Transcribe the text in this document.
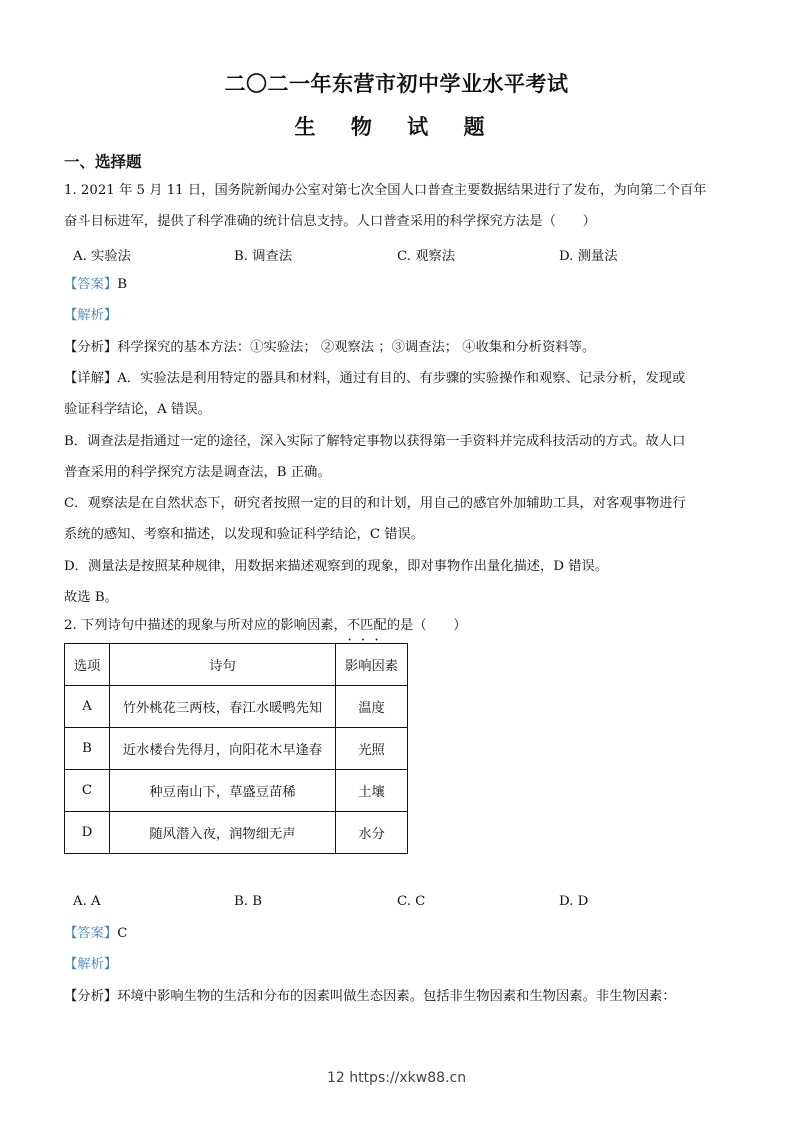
二〇二一年东营市初中学业水平考试
生 物 试 题
一、选择题
1. 2021 年 5 月 11 日，国务院新闻办公室对第七次全国人口普查主要数据结果进行了发布，为向第二个百年
奋斗目标进军，提供了科学准确的统计信息支持。人口普查采用的科学探究方法是（　　）
A. 实验法	B. 调查法	C. 观察法	D. 测量法
【答案】B
【解析】
【分析】科学探究的基本方法：①实验法； ②观察法 ；③调查法； ④收集和分析资料等。
【详解】A．实验法是利用特定的器具和材料，通过有目的、有步骤的实验操作和观察、记录分析，发现或
验证科学结论，A 错误。
B．调查法是指通过一定的途径，深入实际了解特定事物以获得第一手资料并完成科技活动的方式。故人口
普查采用的科学探究方法是调查法，B 正确。
C．观察法是在自然状态下，研究者按照一定的目的和计划，用自己的感官外加辅助工具，对客观事物进行
系统的感知、考察和描述，以发现和验证科学结论，C 错误。
D．测量法是按照某种规律，用数据来描述观察到的现象，即对事物作出量化描述，D 错误。
故选 B。
2. 下列诗句中描述的现象与所对应的影响因素，不匹配 • • •的是（　　）
选项	诗句	影响因素
A	竹外桃花三两枝，春江水暖鸭先知	温度
B	近水楼台先得月，向阳花木早逢春	光照
C	种豆南山下，草盛豆苗稀	土壤
D	随风潜入夜，润物细无声	水分
A. A	B. B	C. C	D. D
【答案】C
【解析】
【分析】环境中影响生物的生活和分布的因素叫做生态因素。包括非生物因素和生物因素。非生物因素：
12 https://xkw88.cn
